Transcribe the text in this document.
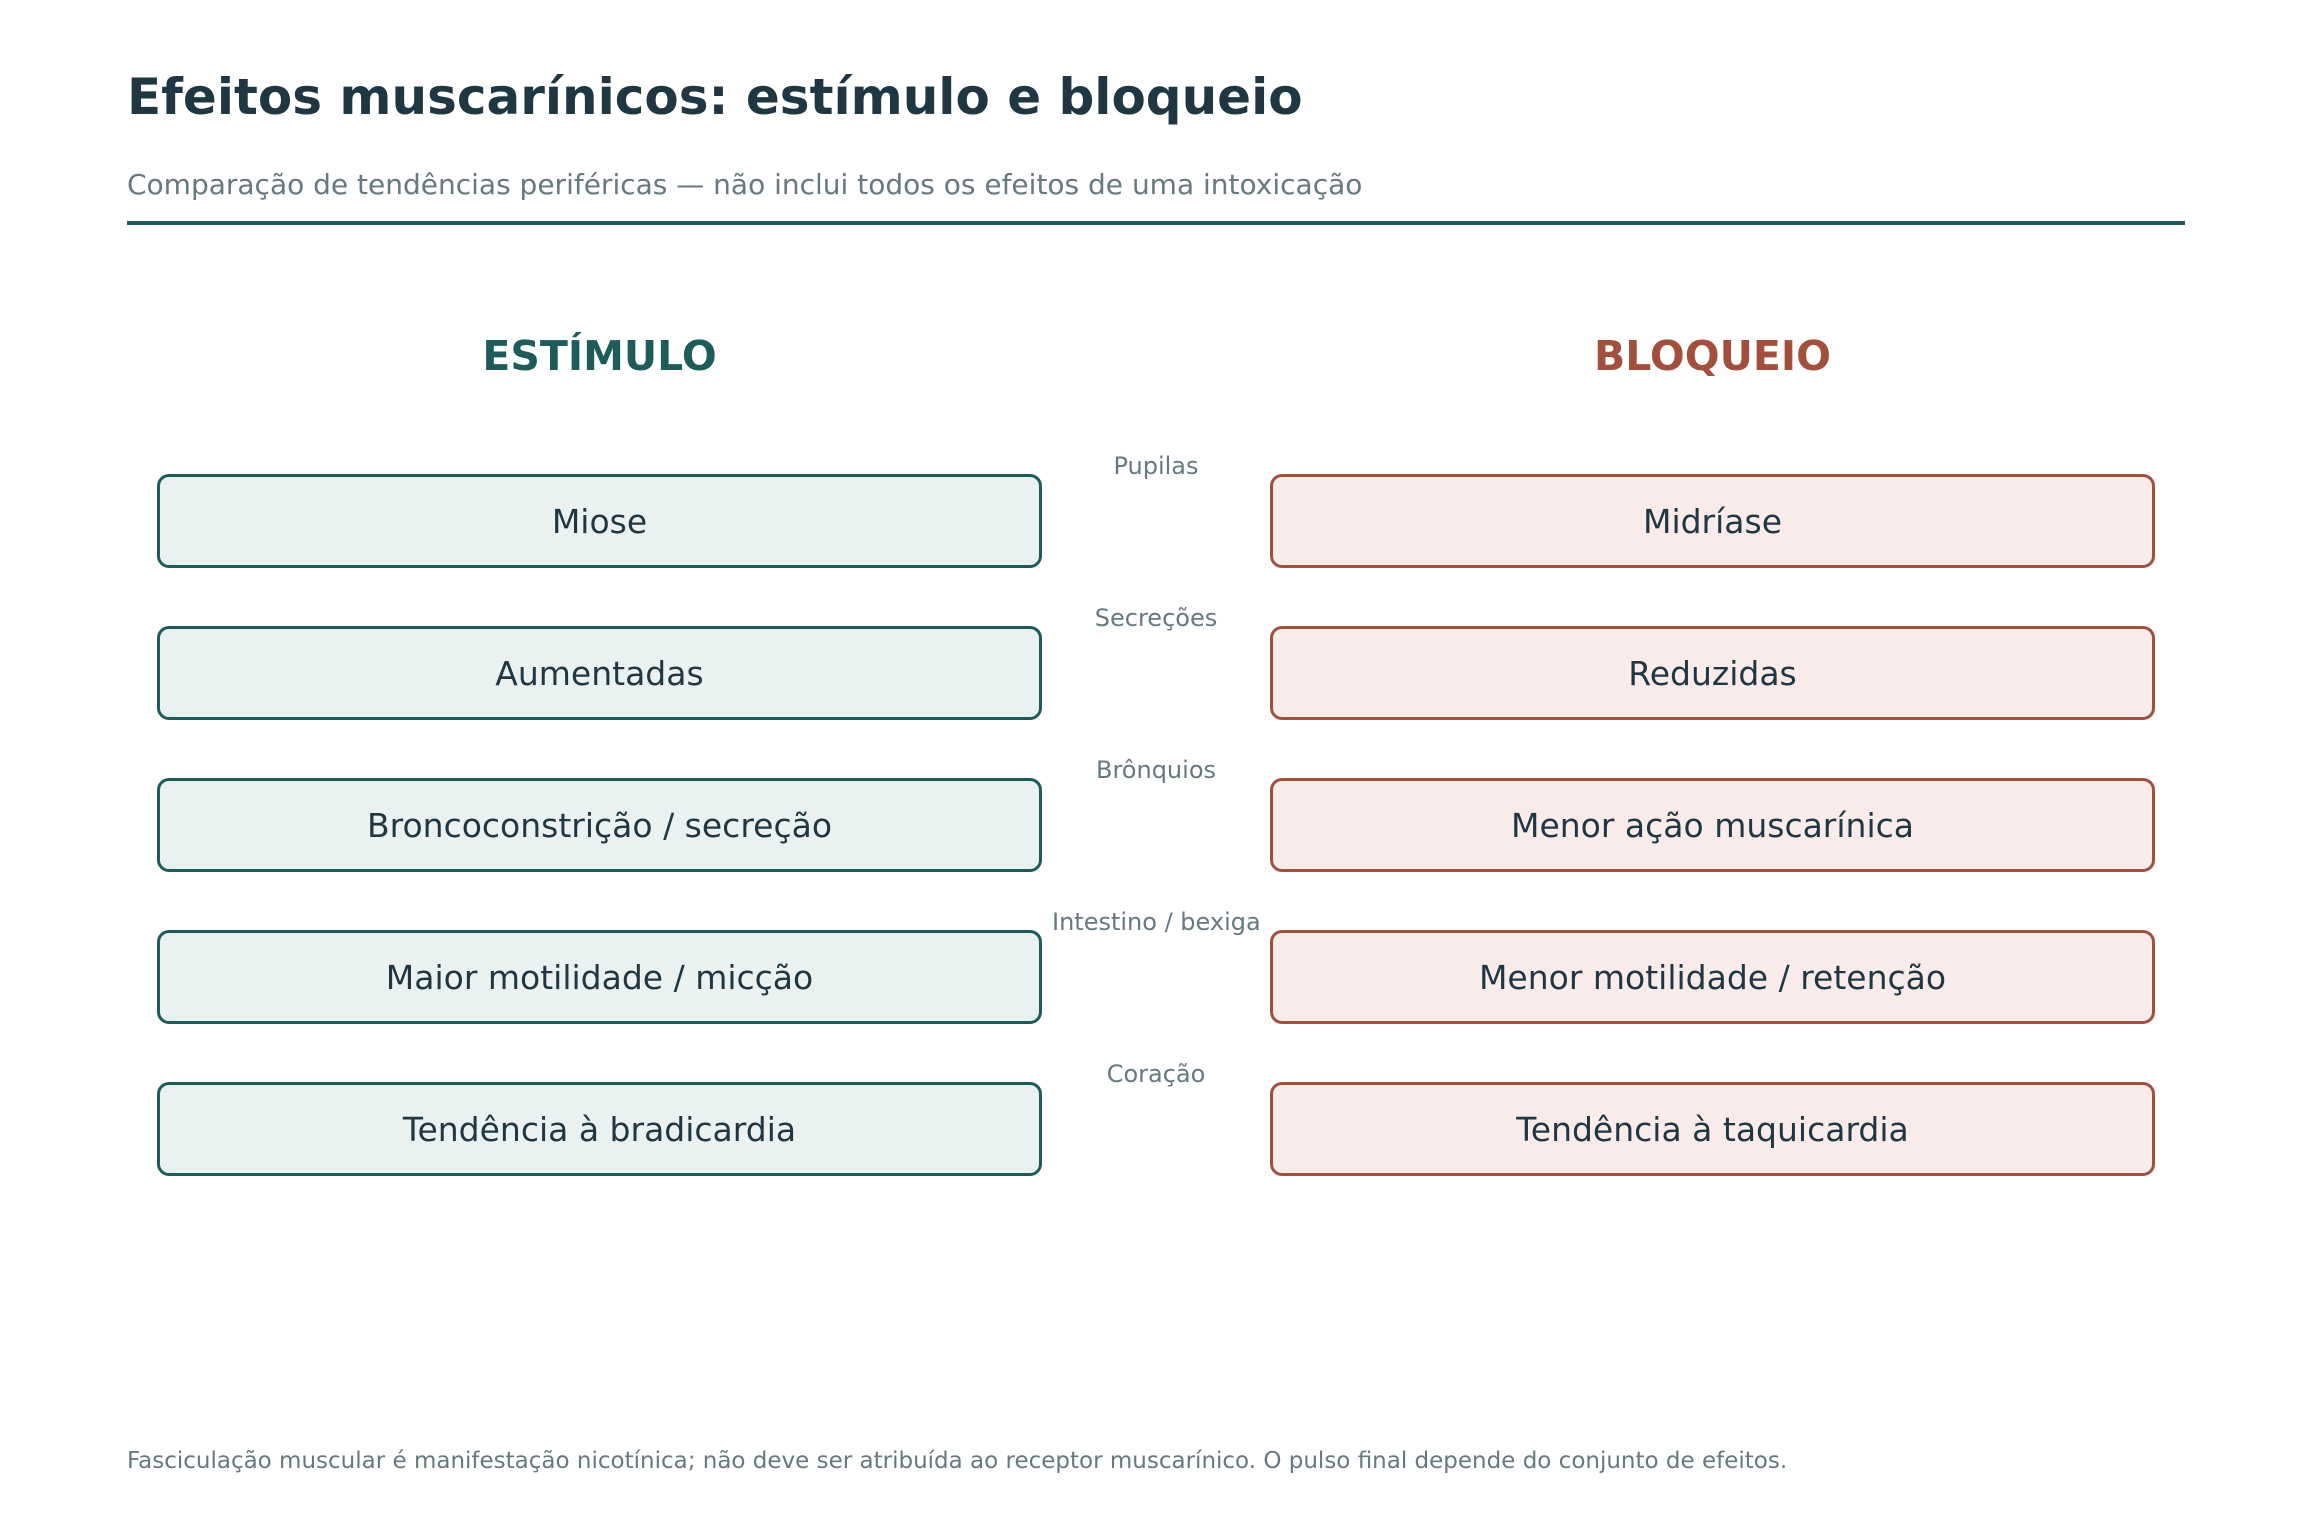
Efeitos muscarínicos: estímulo e bloqueio
Comparação de tendências periféricas — não inclui todos os efeitos de uma intoxicação
ESTÍMULO	BLOQUEIO
Pupilas
Miose	Midríase
Secreções
Aumentadas	Reduzidas
Brônquios
Broncoconstrição / secreção	Menor ação muscarínica
Intestino / bexiga
Maior motilidade / micção	Menor motilidade / retenção
Coração
Tendência à bradicardia	Tendência à taquicardia
Fasciculação muscular é manifestação nicotínica; não deve ser atribuída ao receptor muscarínico. O pulso final depende do conjunto de efeitos.
